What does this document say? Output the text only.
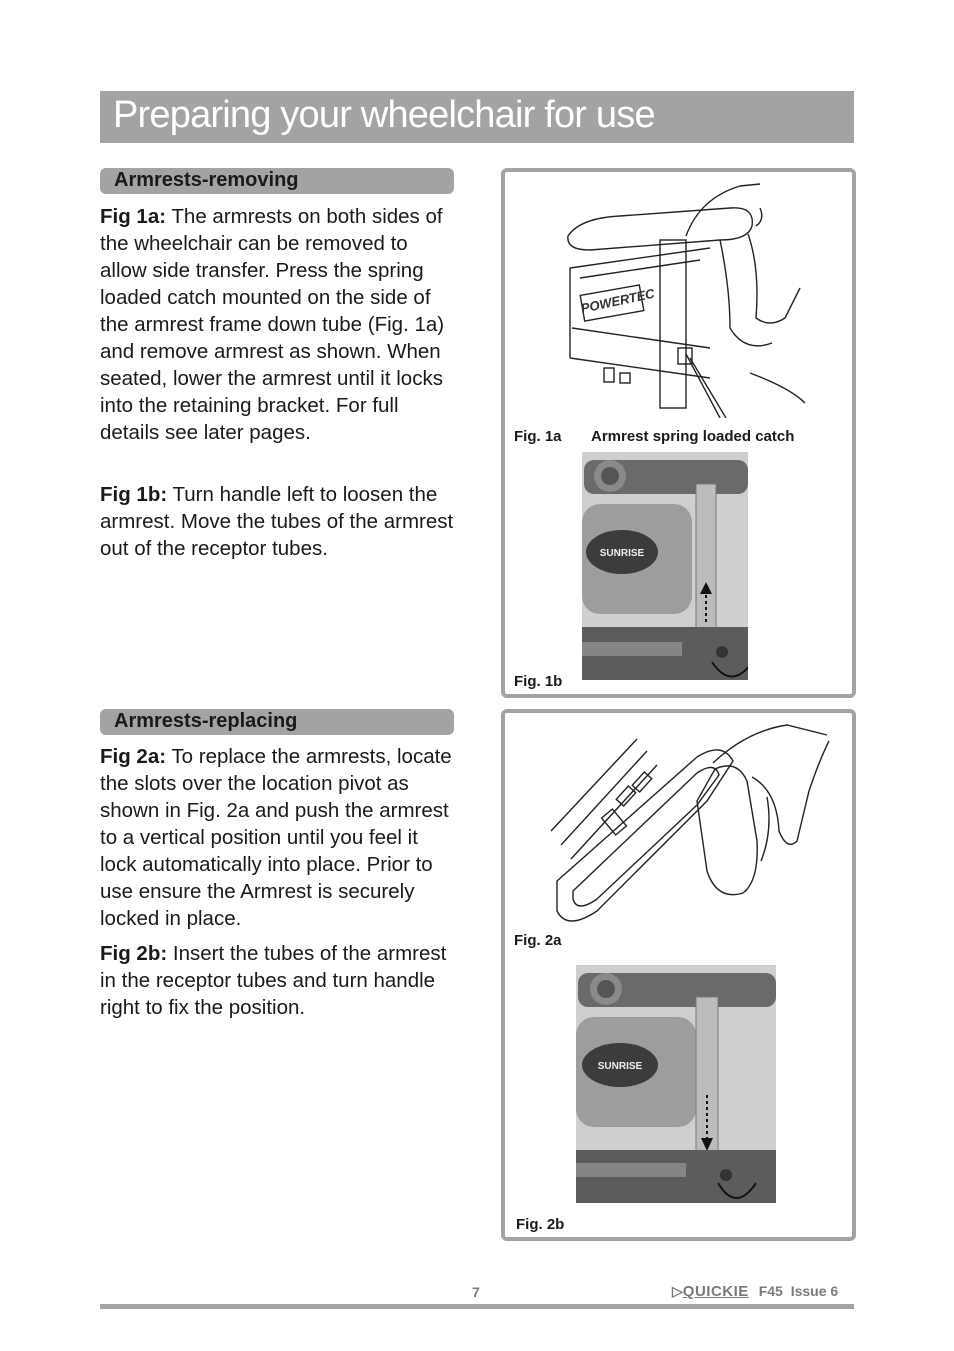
Preparing your wheelchair for use
Armrests-removing

Fig 1a: The armrests on both sides of the wheelchair can be removed to allow side transfer. Press the spring loaded catch mounted on the side of the armrest frame down tube (Fig. 1a) and remove armrest as shown. When seated, lower the armrest until it locks into the retaining bracket. For full details see later pages.

Fig 1b: Turn handle left to loosen the armrest. Move the tubes of the armrest out of the receptor tubes.

POWERTEC
Fig. 1a Armrest spring loaded catch
SUNRISE
Fig. 1b
Armrests-replacing

Fig 2a: To replace the armrests, locate the slots over the location pivot as shown in Fig. 2a and push the armrest to a vertical position until you feel it lock automatically into place. Prior to use ensure the Armrest is securely locked in place.

Fig 2b: Insert the tubes of the armrest in the receptor tubes and turn handle right to fix the position.

Fig. 2a
SUNRISE
Fig. 2b
7	▷QUICKIE F45 Issue 6
